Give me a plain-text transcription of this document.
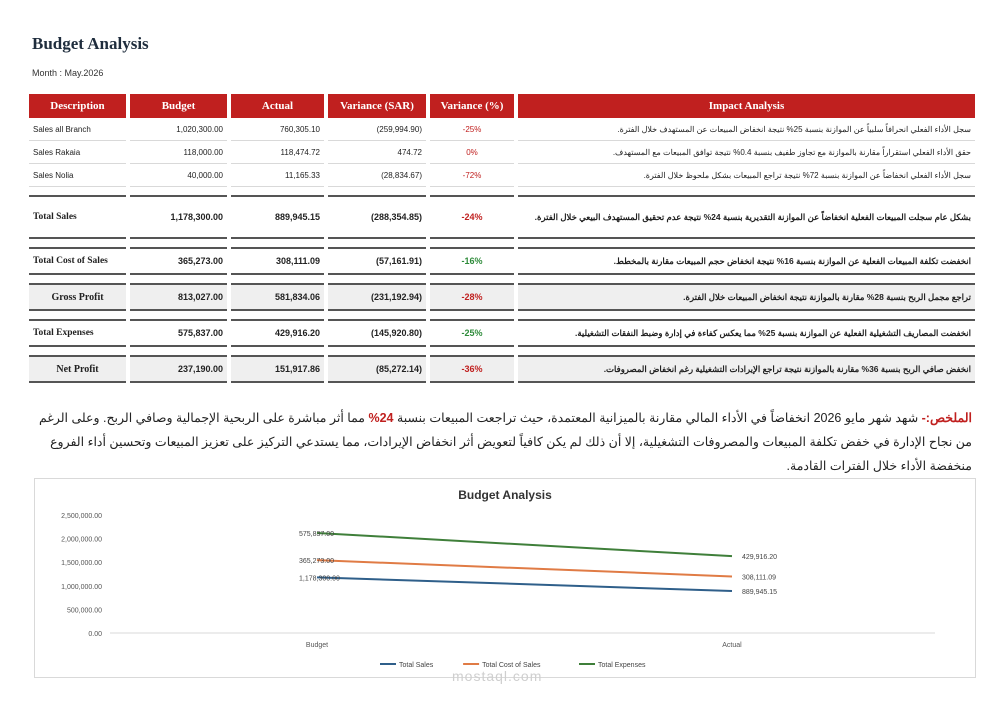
Budget Analysis
Month : May.2026
Description	Budget	Actual	Variance (SAR)	Variance (%)	Impact Analysis
Sales all Branch	1,020,300.00	760,305.10	(259,994.90)	-25%	سجل الأداء الفعلي انحرافاً سلبياً عن الموازنة بنسبة 25% نتيجة انخفاض المبيعات عن المستهدف خلال الفترة.
Sales Rakaia	118,000.00	118,474.72	474.72	0%	حقق الأداء الفعلي استقراراً مقارنة بالموازنة مع تجاوز طفيف بنسبة 0.4% نتيجة توافق المبيعات مع المستهدف.
Sales Nolia	40,000.00	11,165.33	(28,834.67)	-72%	سجل الأداء الفعلي انخفاضاً عن الموازنة بنسبة 72% نتيجة تراجع المبيعات بشكل ملحوظ خلال الفترة.

Total Sales	1,178,300.00	889,945.15	(288,354.85)	-24%	بشكل عام سجلت المبيعات الفعلية انخفاضاً عن الموازنة التقديرية بنسبة 24% نتيجة عدم تحقيق المستهدف البيعي خلال الفترة.

Total Cost of Sales	365,273.00	308,111.09	(57,161.91)	-16%	انخفضت تكلفة المبيعات الفعلية عن الموازنة بنسبة 16% نتيجة انخفاض حجم المبيعات مقارنة بالمخطط.

Gross Profit	813,027.00	581,834.06	(231,192.94)	-28%	تراجع مجمل الربح بنسبة 28% مقارنة بالموازنة نتيجة انخفاض المبيعات خلال الفترة.

Total Expenses	575,837.00	429,916.20	(145,920.80)	-25%	انخفضت المصاريف التشغيلية الفعلية عن الموازنة بنسبة 25% مما يعكس كفاءة في إدارة وضبط النفقات التشغيلية.

Net Profit	237,190.00	151,917.86	(85,272.14)	-36%	انخفض صافي الربح بنسبة 36% مقارنة بالموازنة نتيجة تراجع الإيرادات التشغيلية رغم انخفاض المصروفات.
الملخص:- شهد شهر مايو 2026 انخفاضاً في الأداء المالي مقارنة بالميزانية المعتمدة، حيث تراجعت المبيعات بنسبة 24% مما أثر مباشرة على الربحية الإجمالية وصافي الربح. وعلى الرغم من نجاح الإدارة في خفض تكلفة المبيعات والمصروفات التشغيلية، إلا أن ذلك لم يكن كافياً لتعويض أثر انخفاض الإيرادات، مما يستدعي التركيز على تعزيز المبيعات وتحسين أداء الفروع منخفضة الأداء خلال الفترات القادمة.
Budget Analysis
0.00
500,000.00
1,000,000.00
1,500,000.00
2,000,000.00
2,500,000.00
Budget	Actual
1,178,300.00
889,945.15
365,273.00
308,111.09
575,837.00
429,916.20
Total Sales	Total Cost of Sales	Total Expenses
mostaql.com
